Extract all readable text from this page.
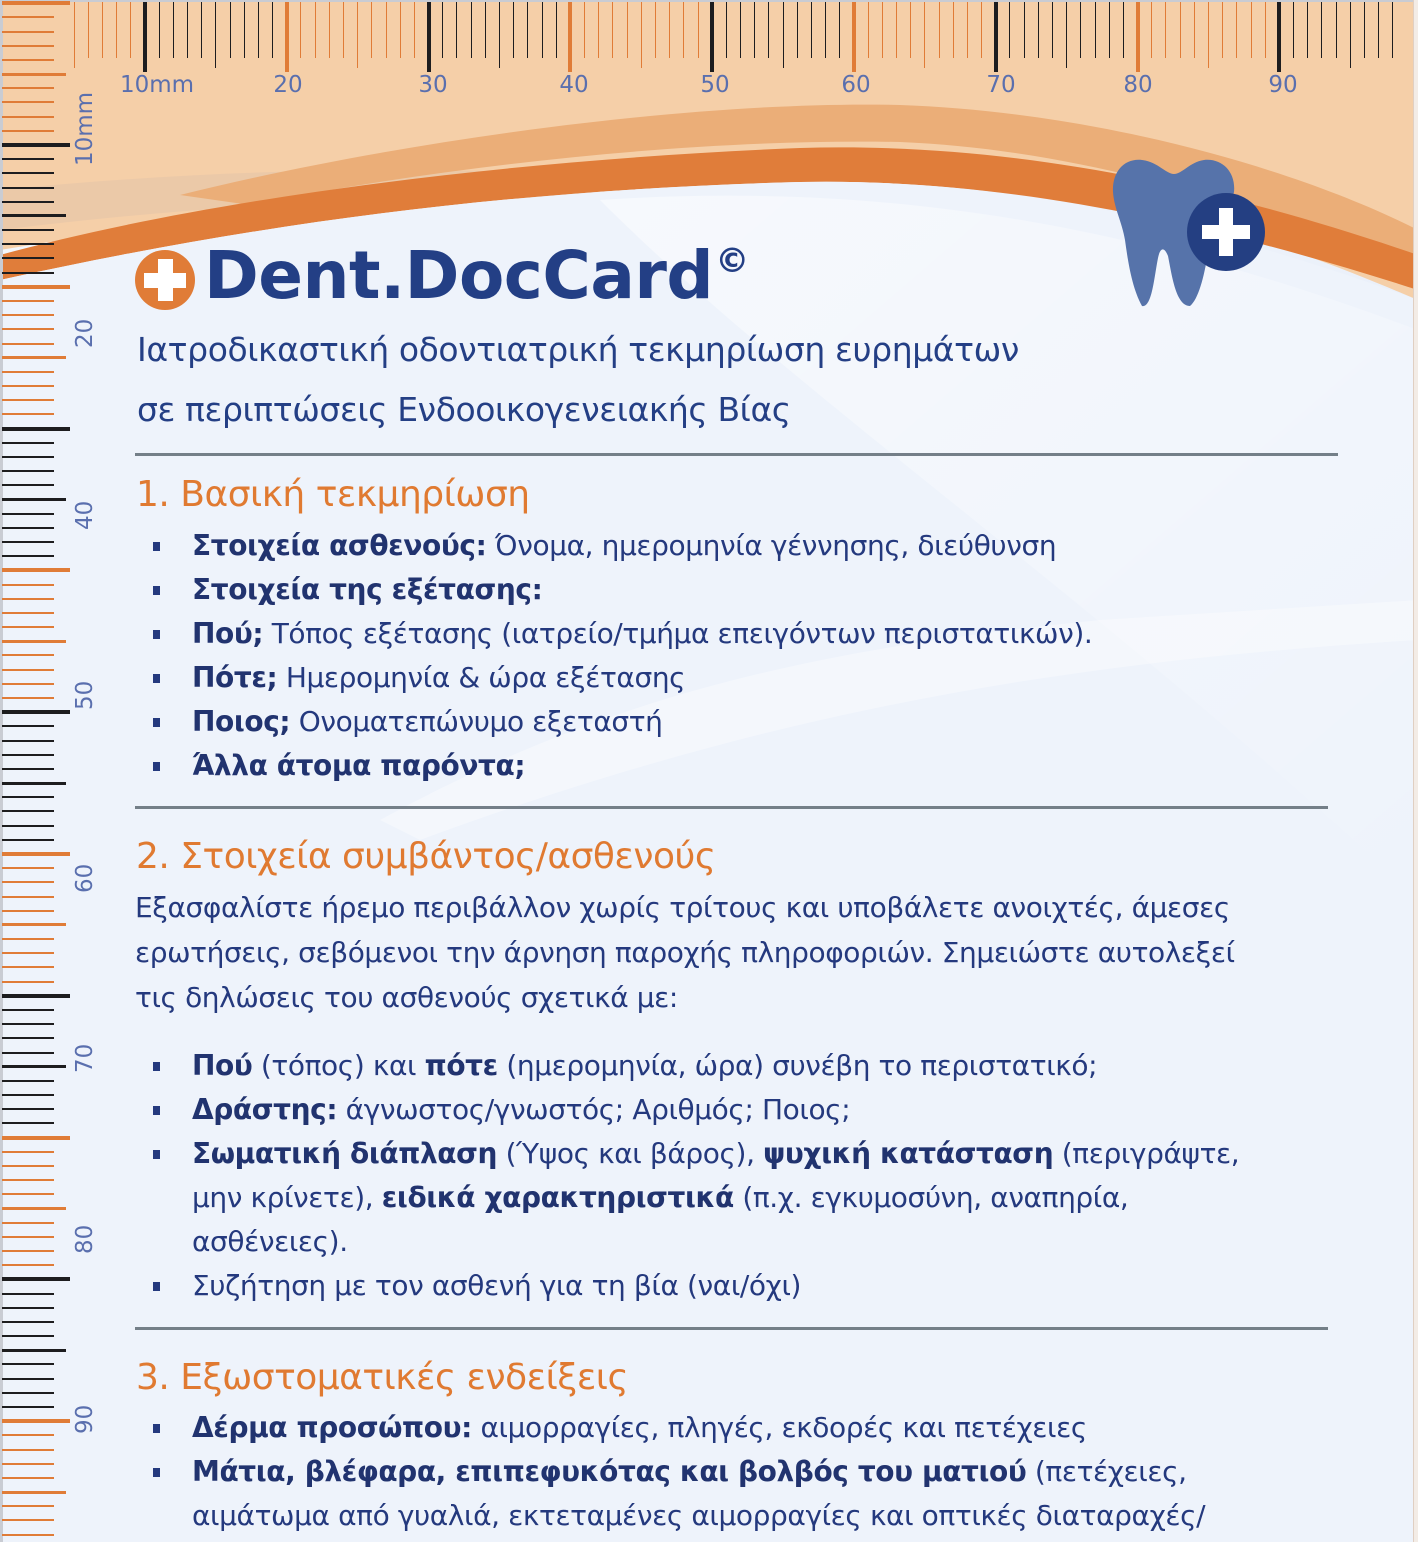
10mm	20	30	40	50	60	70	80	90
10mm
20
40
50
60
70
80
90
Dent.DocCard©
Ιατροδικαστική οδοντιατρική τεκμηρίωση ευρημάτων
σε περιπτώσεις Ενδοοικογενειακής Βίας
1. Βασική τεκμηρίωση
Στοιχεία ασθενούς: Όνομα, ημερομηνία γέννησης, διεύθυνση
Στοιχεία της εξέτασης:
Πού; Τόπος εξέτασης (ιατρείο/τμήμα επειγόντων περιστατικών).
Πότε; Ημερομηνία & ώρα εξέτασης
Ποιος; Ονοματεπώνυμο εξεταστή
Άλλα άτομα παρόντα;
2. Στοιχεία συμβάντος/ασθενούς
Εξασφαλίστε ήρεμο περιβάλλον χωρίς τρίτους και υποβάλετε ανοιχτές, άμεσες
ερωτήσεις, σεβόμενοι την άρνηση παροχής πληροφοριών. Σημειώστε αυτολεξεί
τις δηλώσεις του ασθενούς σχετικά με:
Πού (τόπος) και πότε (ημερομηνία, ώρα) συνέβη το περιστατικό;
Δράστης: άγνωστος/γνωστός; Αριθμός; Ποιος;
Σωματική διάπλαση (Ύψος και βάρος), ψυχική κατάσταση (περιγράψτε,
μην κρίνετε), ειδικά χαρακτηριστικά (π.χ. εγκυμοσύνη, αναπηρία,
ασθένειες).
Συζήτηση με τον ασθενή για τη βία (ναι/όχι)
3. Εξωστοματικές ενδείξεις
Δέρμα προσώπου: αιμορραγίες, πληγές, εκδορές και πετέχειες
Μάτια, βλέφαρα, επιπεφυκότας και βολβός του ματιού (πετέχειες,
αιμάτωμα από γυαλιά, εκτεταμένες αιμορραγίες και οπτικές διαταραχές/
